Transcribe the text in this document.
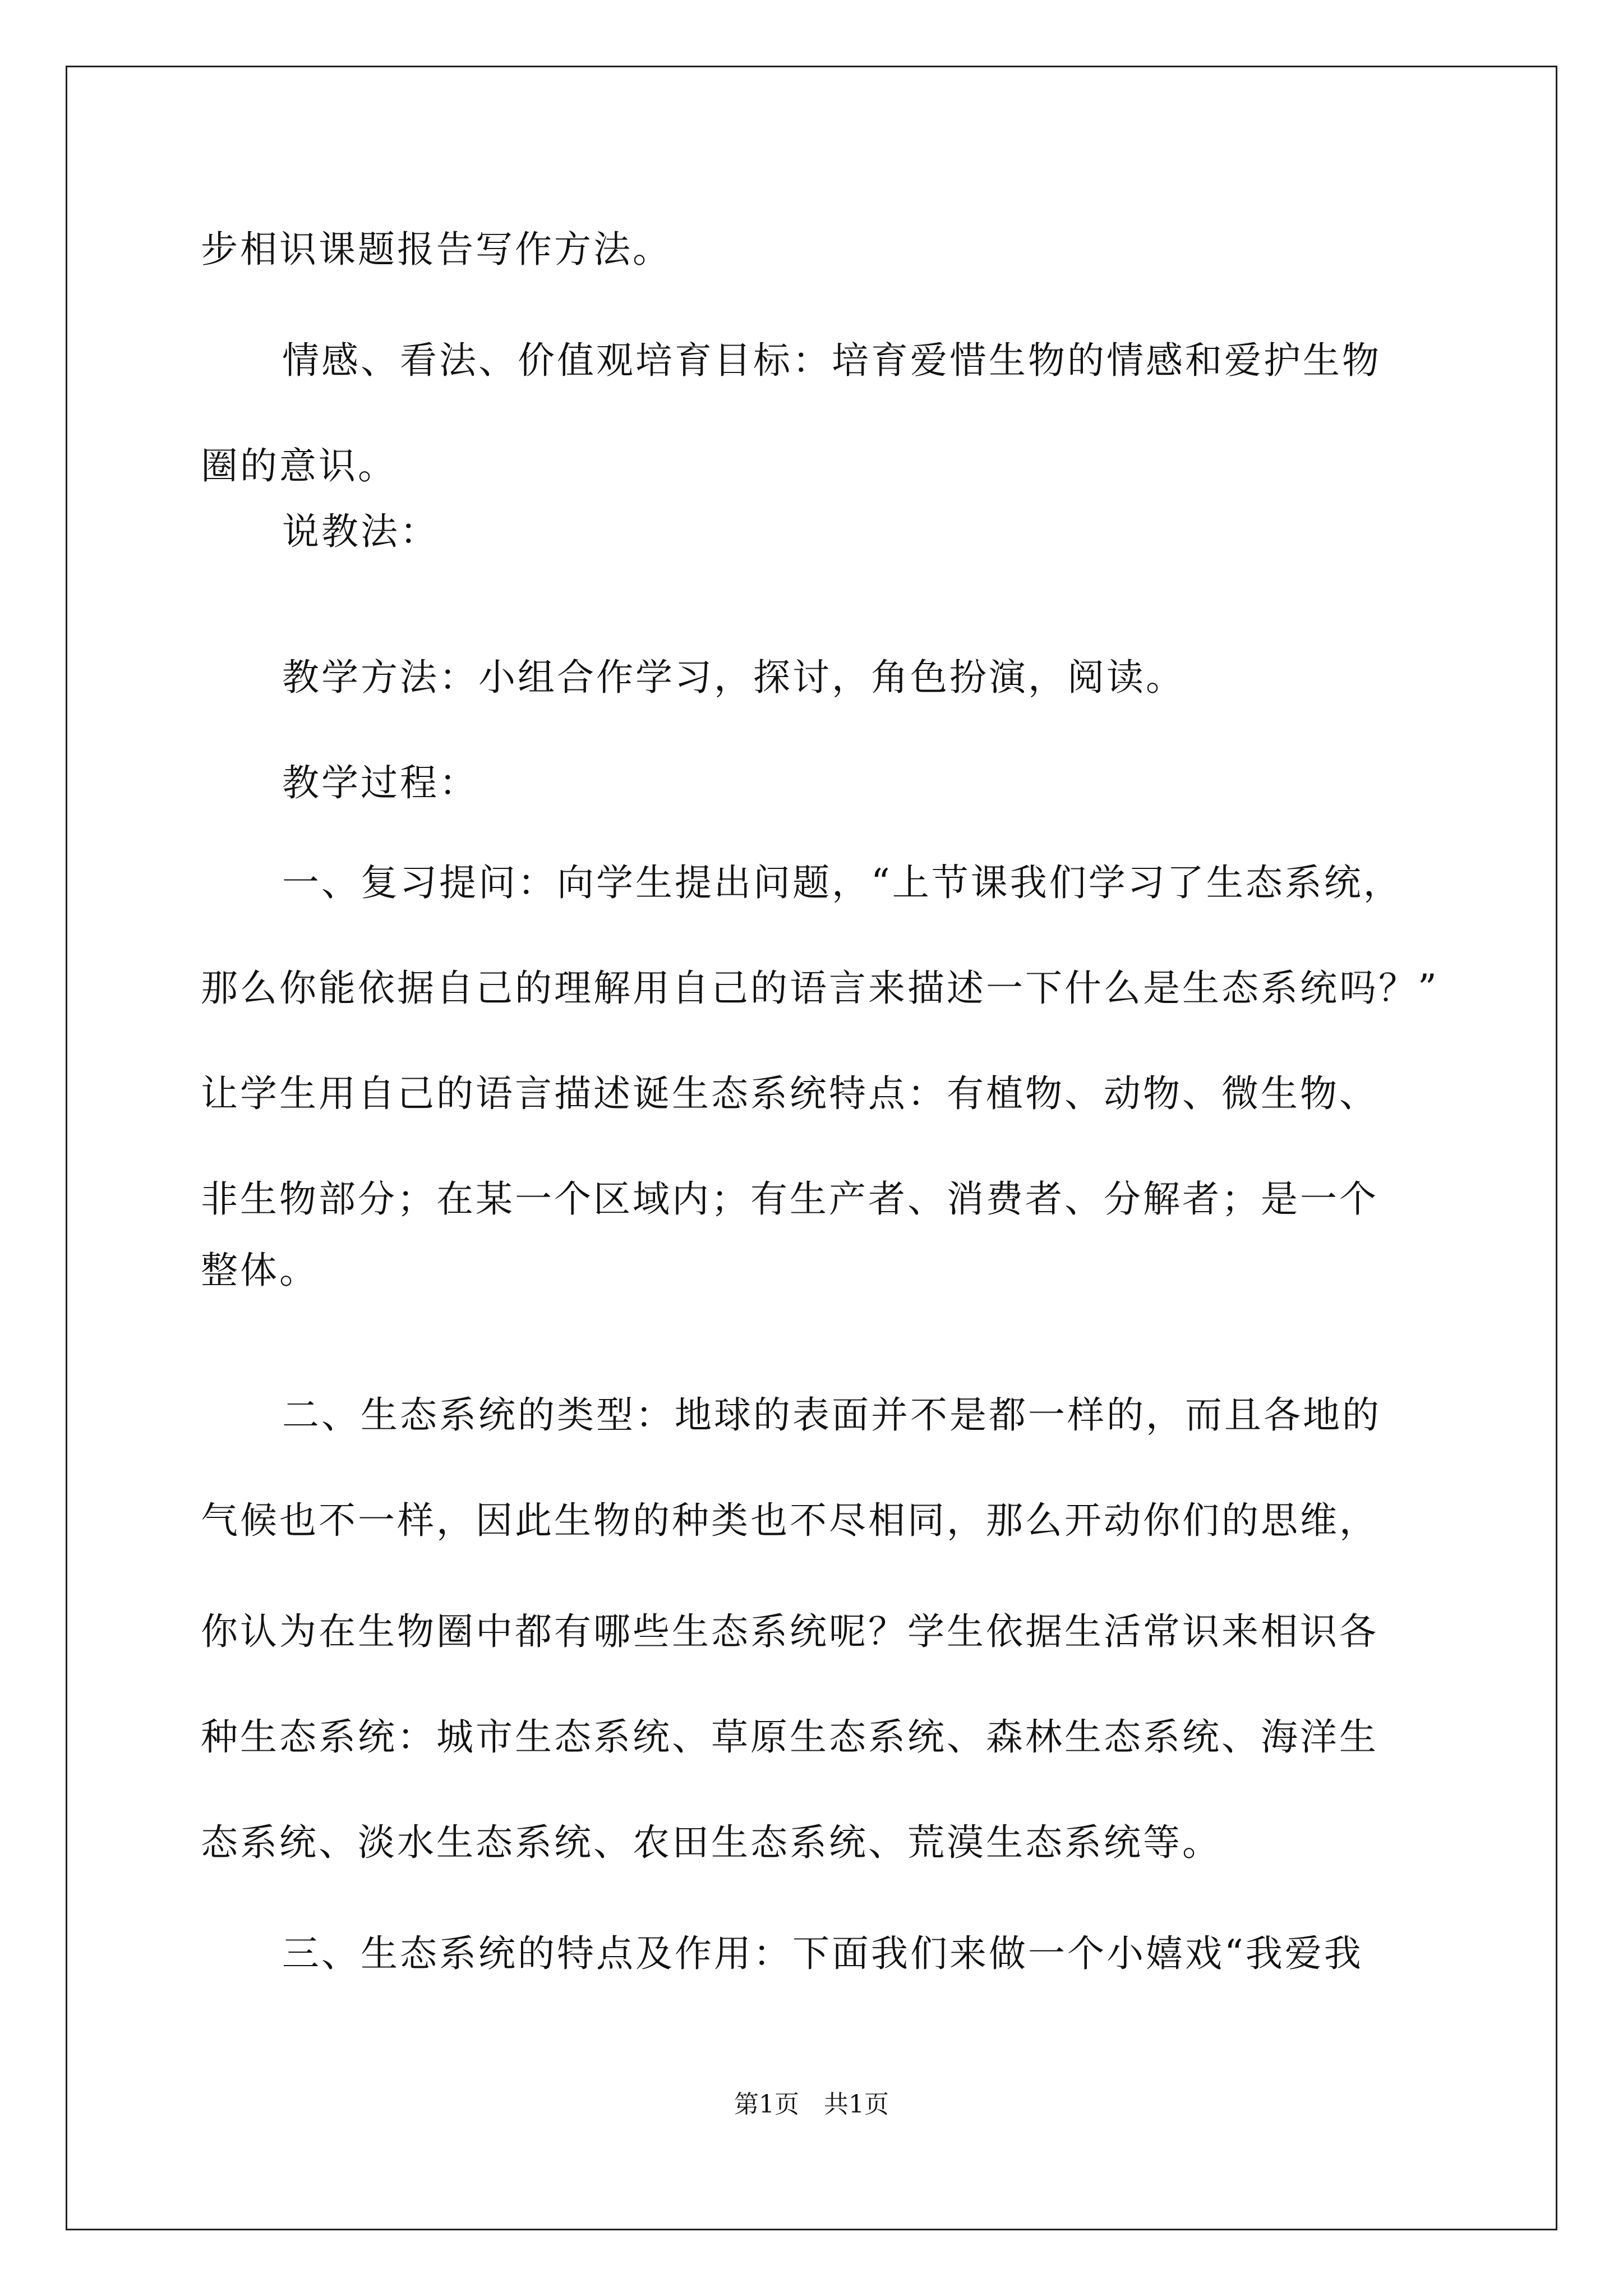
步相识课题报告写作方法。
情感、看法、价值观培育目标：培育爱惜生物的情感和爱护生物
圈的意识。
说教法：
教学方法：小组合作学习，探讨，角色扮演，阅读。
教学过程：
一、复习提问：向学生提出问题，“上节课我们学习了生态系统，
那么你能依据自己的理解用自己的语言来描述一下什么是生态系统吗？”
让学生用自己的语言描述诞生态系统特点：有植物、动物、微生物、
非生物部分；在某一个区域内；有生产者、消费者、分解者；是一个
整体。
二、生态系统的类型：地球的表面并不是都一样的，而且各地的
气候也不一样，因此生物的种类也不尽相同，那么开动你们的思维，
你认为在生物圈中都有哪些生态系统呢？学生依据生活常识来相识各
种生态系统：城市生态系统、草原生态系统、森林生态系统、海洋生
态系统、淡水生态系统、农田生态系统、荒漠生态系统等。
三、生态系统的特点及作用：下面我们来做一个小嬉戏“我爱我
第1页　共1页
